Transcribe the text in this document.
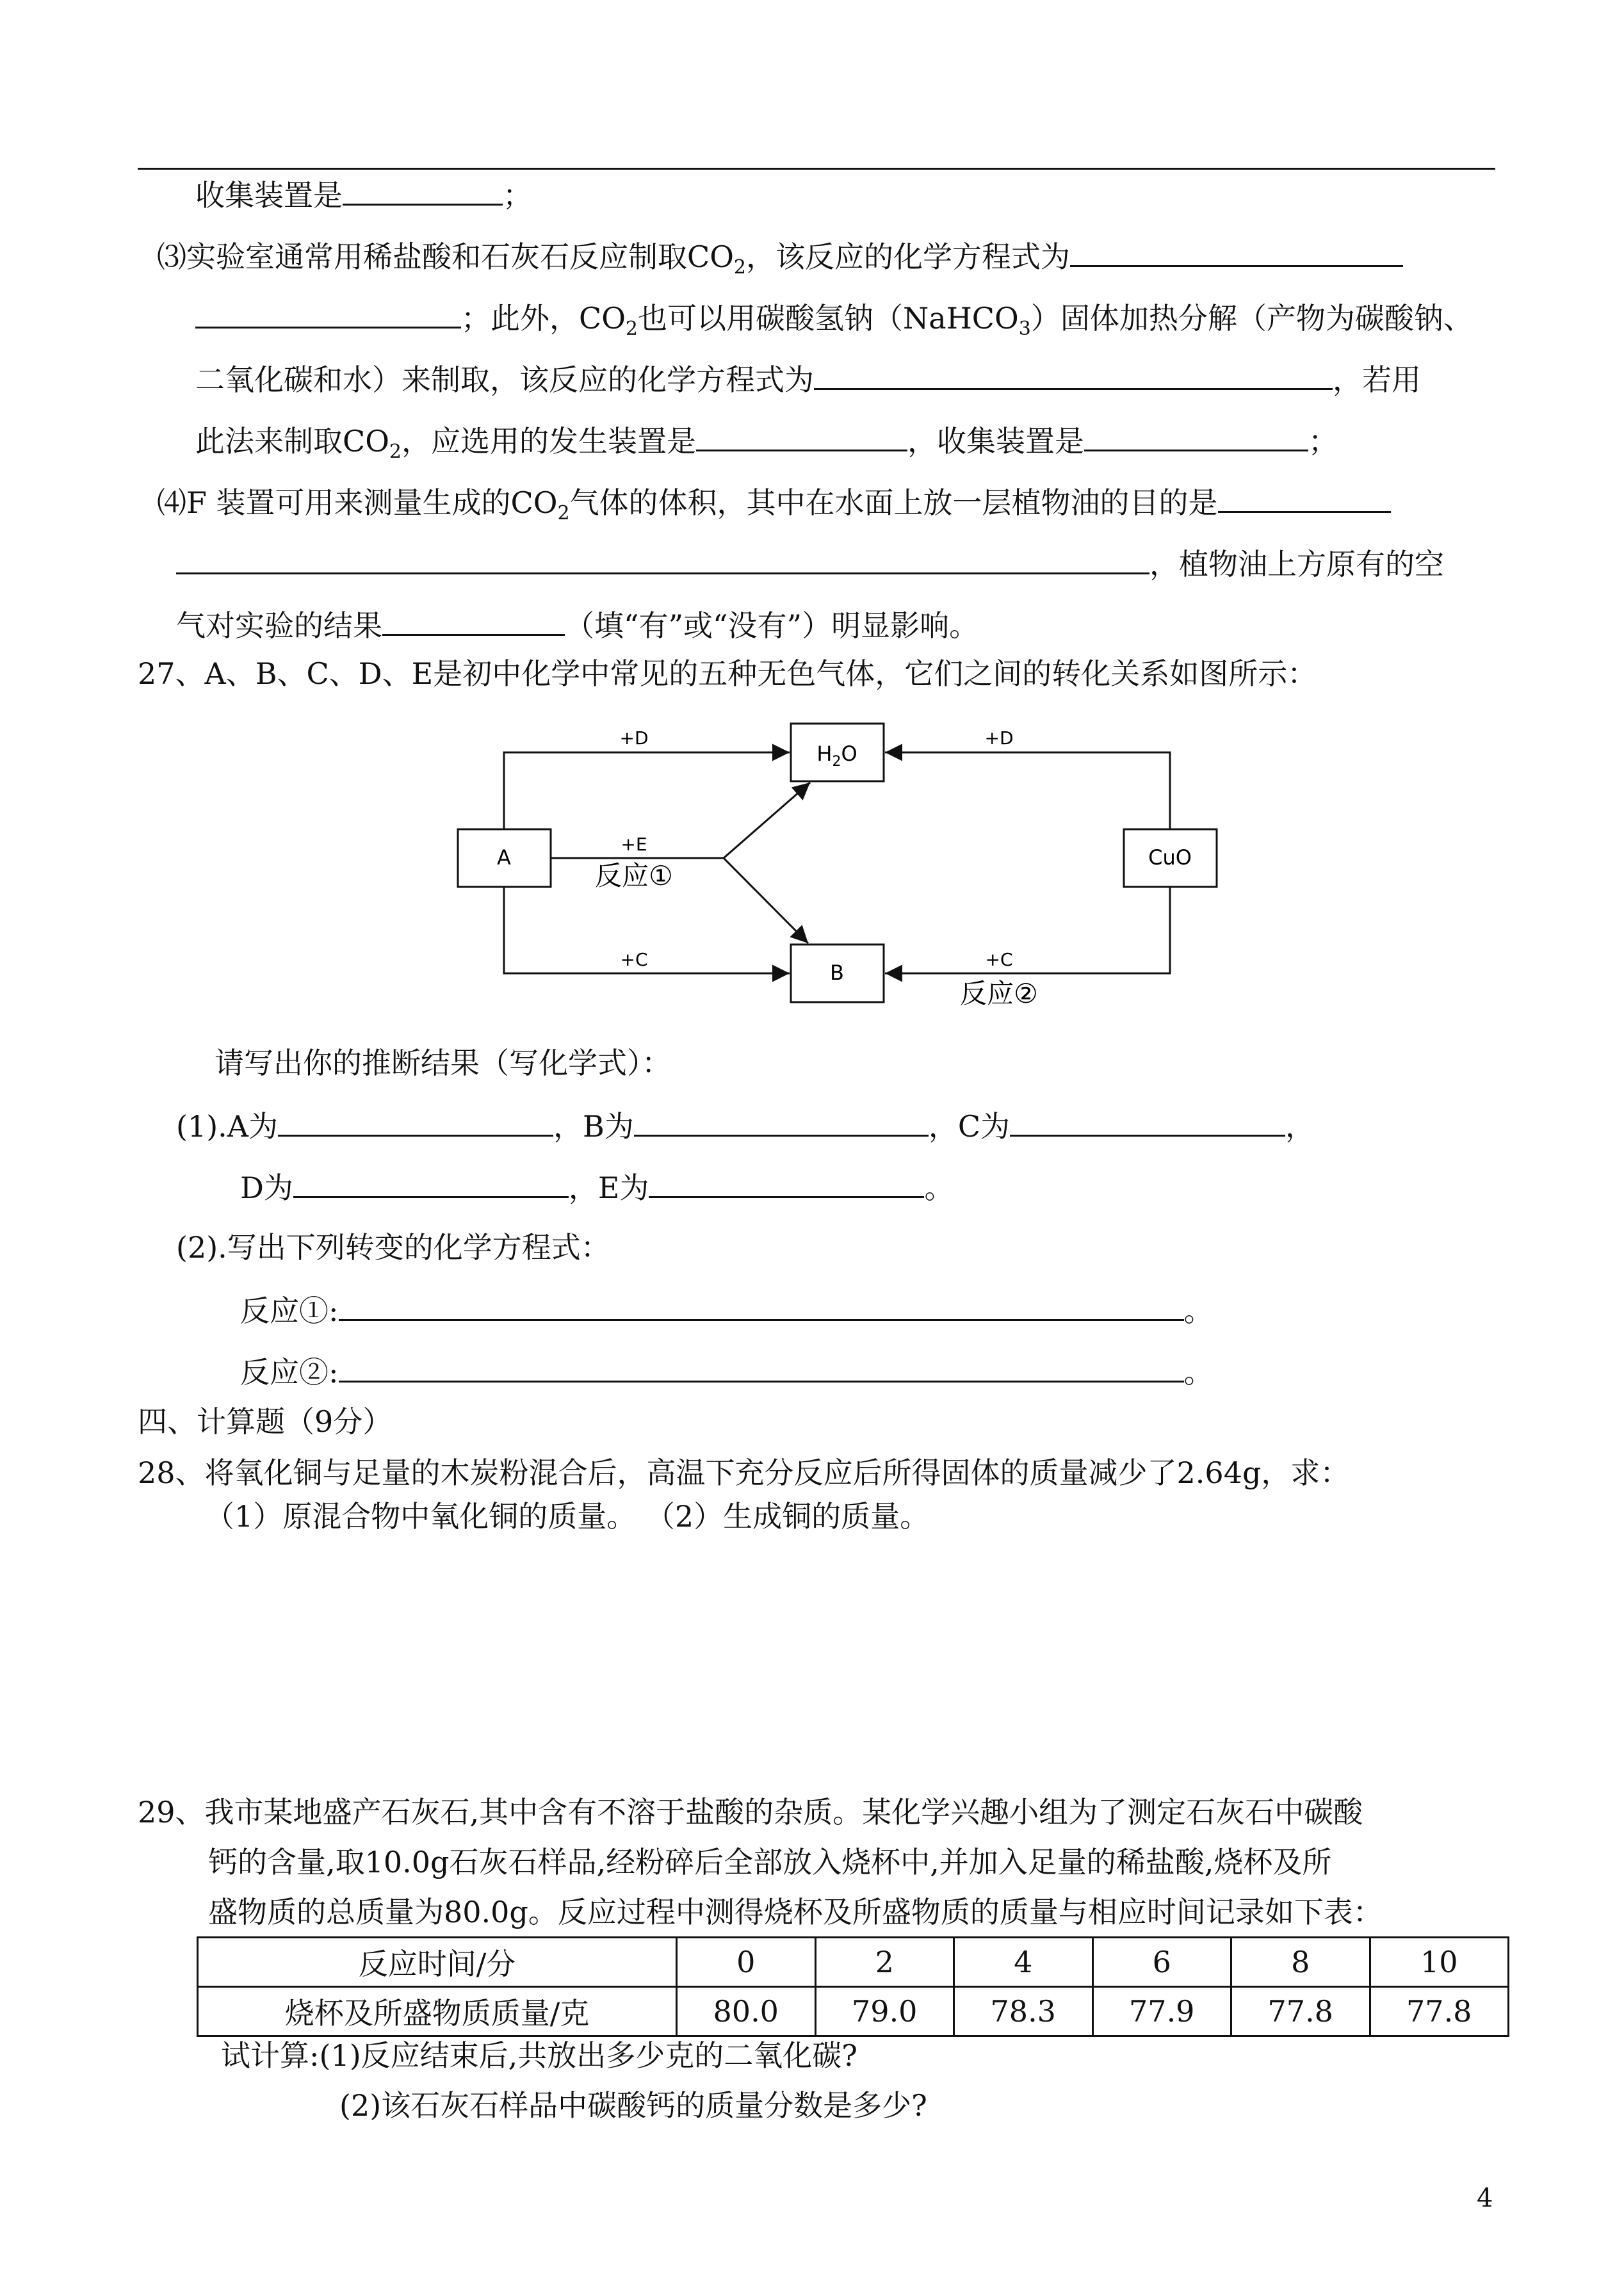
收集装置是	；
⑶实验室通常用稀盐酸和石灰石反应制取$CO_2$，该反应的化学方程式为
；此外，$CO_2$也可以用碳酸氢钠（NaHCO$_3$）固体加热分解（产物为碳酸钠、
二氧化碳和水）来制取，该反应的化学方程式为	，若用
此法来制取$CO_2$，应选用的发生装置是	，收集装置是	；
⑷F 装置可用来测量生成的$CO_2$气体的体积，其中在水面上放一层植物油的目的是
，植物油上方原有的空
气对实验的结果	（填“有”或“没有”）明显影响。
27、A、B、C、D、E是初中化学中常见的五种无色气体，它们之间的转化关系如图所示：
A
$H_2O$
CuO
B
+D	+D
+E
反应①
+C	+C
反应②
请写出你的推断结果（写化学式）：
(1).A为	，B为	，C为	，
D为	，E为	。
(2).写出下列转变的化学方程式：
反应①:	。
反应②:	。
四、计算题（9分）
28、将氧化铜与足量的木炭粉混合后，高温下充分反应后所得固体的质量减少了2.64g，求：
（1）原混合物中氧化铜的质量。 （2）生成铜的质量。
29、我市某地盛产石灰石,其中含有不溶于盐酸的杂质。某化学兴趣小组为了测定石灰石中碳酸
钙的含量,取10.0g石灰石样品,经粉碎后全部放入烧杯中,并加入足量的稀盐酸,烧杯及所
盛物质的总质量为80.0g。反应过程中测得烧杯及所盛物质的质量与相应时间记录如下表：
反应时间/分	0	2	4	6	8	10
烧杯及所盛物质质量/克	80.0	79.0	78.3	77.9	77.8	77.8
试计算:(1)反应结束后,共放出多少克的二氧化碳?
(2)该石灰石样品中碳酸钙的质量分数是多少?
4
